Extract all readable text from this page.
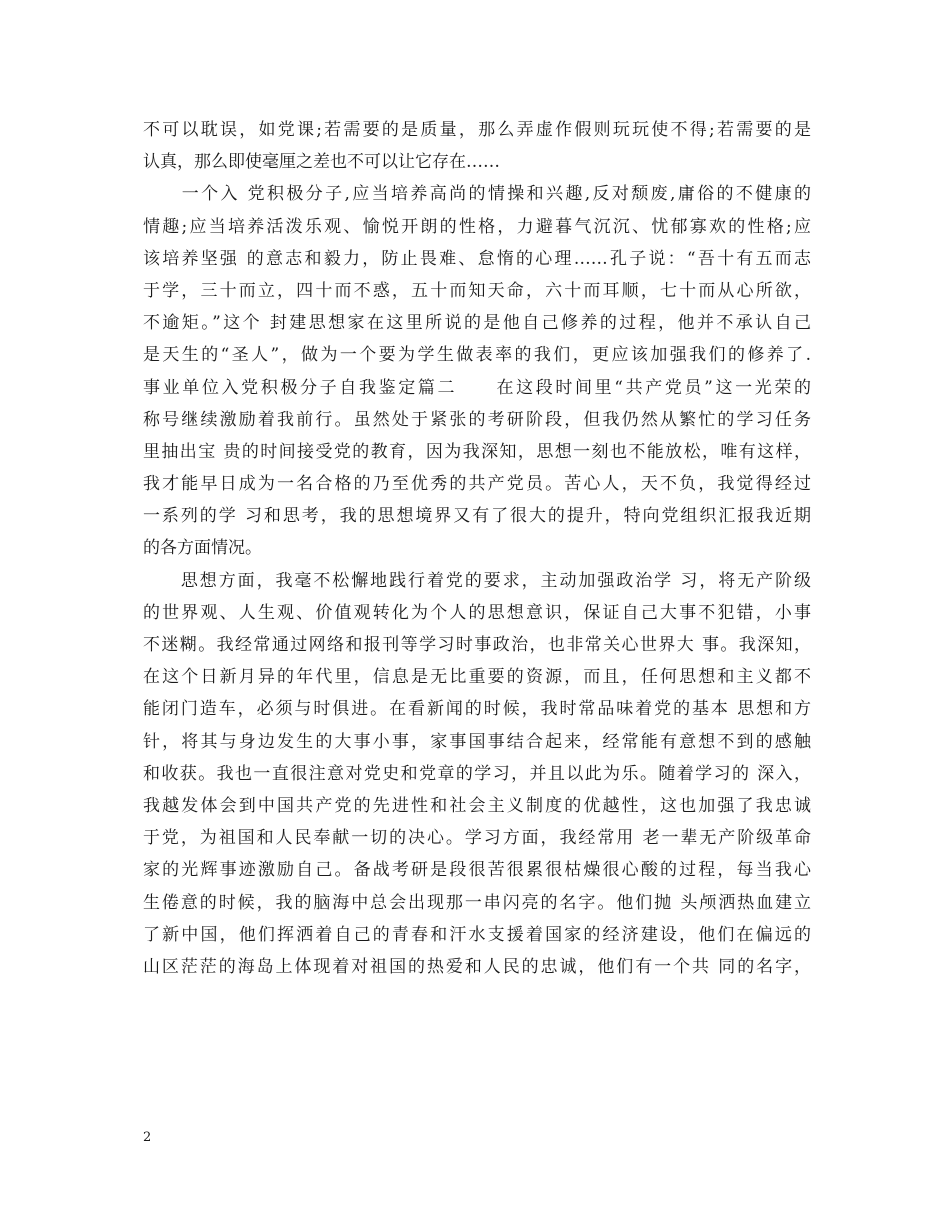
不可以耽误，如党课;若需要的是质量，那么弄虚作假则玩玩使不得;若需要的是
认真，那么即使毫厘之差也不可以让它存在……
　　一个入 党积极分子,应当培养高尚的情操和兴趣,反对颓废,庸俗的不健康的
情趣;应当培养活泼乐观、愉悦开朗的性格，力避暮气沉沉、忧郁寡欢的性格;应
该培养坚强 的意志和毅力，防止畏难、怠惰的心理……孔子说：“吾十有五而志
于学，三十而立，四十而不惑，五十而知天命，六十而耳顺，七十而从心所欲，
不逾矩。”这个 封建思想家在这里所说的是他自己修养的过程，他并不承认自己
是天生的“圣人”，做为一个要为学生做表率的我们，更应该加强我们的修养了.
事业单位入党积极分子自我鉴定篇二　　在这段时间里“共产党员”这一光荣的
称号继续激励着我前行。虽然处于紧张的考研阶段，但我仍然从繁忙的学习任务
里抽出宝 贵的时间接受党的教育，因为我深知，思想一刻也不能放松，唯有这样，
我才能早日成为一名合格的乃至优秀的共产党员。苦心人，天不负，我觉得经过
一系列的学 习和思考，我的思想境界又有了很大的提升，特向党组织汇报我近期
的各方面情况。
　　思想方面，我毫不松懈地践行着党的要求，主动加强政治学 习，将无产阶级
的世界观、人生观、价值观转化为个人的思想意识，保证自己大事不犯错，小事
不迷糊。我经常通过网络和报刊等学习时事政治，也非常关心世界大 事。我深知，
在这个日新月异的年代里，信息是无比重要的资源，而且，任何思想和主义都不
能闭门造车，必须与时俱进。在看新闻的时候，我时常品味着党的基本 思想和方
针，将其与身边发生的大事小事，家事国事结合起来，经常能有意想不到的感触
和收获。我也一直很注意对党史和党章的学习，并且以此为乐。随着学习的 深入，
我越发体会到中国共产党的先进性和社会主义制度的优越性，这也加强了我忠诚
于党，为祖国和人民奉献一切的决心。学习方面，我经常用 老一辈无产阶级革命
家的光辉事迹激励自己。备战考研是段很苦很累很枯燥很心酸的过程，每当我心
生倦意的时候，我的脑海中总会出现那一串闪亮的名字。他们抛 头颅洒热血建立
了新中国，他们挥洒着自己的青春和汗水支援着国家的经济建设，他们在偏远的
山区茫茫的海岛上体现着对祖国的热爱和人民的忠诚，他们有一个共 同的名字，
2
